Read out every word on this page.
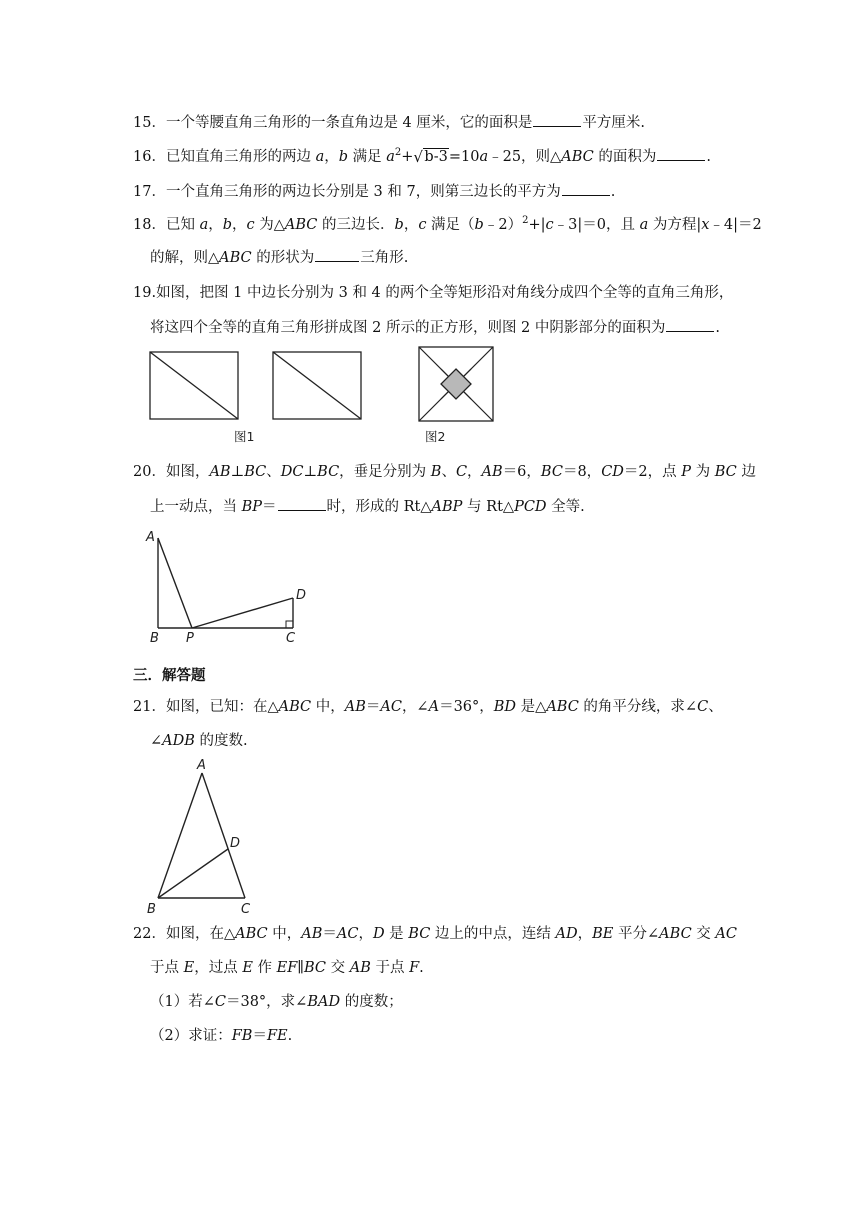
15．一个等腰直角三角形的一条直角边是 4 厘米，它的面积是	平方厘米.
16．已知直角三角形的两边 a，b 满足 $a^2+$ √ b-3=10a﹣25，则△ABC 的面积为	.
17．一个直角三角形的两边长分别是 3 和 7，则第三边长的平方为	.
18．已知 a，b，c 为△ABC 的三边长．b，c 满足（b﹣2）$^2$+|c﹣3|＝0，且 a 为方程|x﹣4|＝2
的解，则△ABC 的形状为	三角形.
19.如图，把图 1 中边长分别为 3 和 4 的两个全等矩形沿对角线分成四个全等的直角三角形，
将这四个全等的直角三角形拼成图 2 所示的正方形，则图 2 中阴影部分的面积为	.
图1	图2
20．如图，AB⊥BC、DC⊥BC，垂足分别为 B、C，AB＝6，BC＝8，CD＝2，点 P 为 BC 边
上一动点，当 BP＝	时，形成的 Rt△ABP 与 Rt△PCD 全等.
A
B P	C
D
三．解答题
21．如图，已知：在△ABC 中，AB＝AC，∠A＝36°，BD 是△ABC 的角平分线，求∠C、
∠ADB 的度数.
A
B	C
D
22．如图，在△ABC 中，AB＝AC，D 是 BC 边上的中点，连结 AD，BE 平分∠ABC 交 AC
于点 E，过点 E 作 EF∥BC 交 AB 于点 F.
（1）若∠C＝38°，求∠BAD 的度数；
（2）求证：FB＝FE.
